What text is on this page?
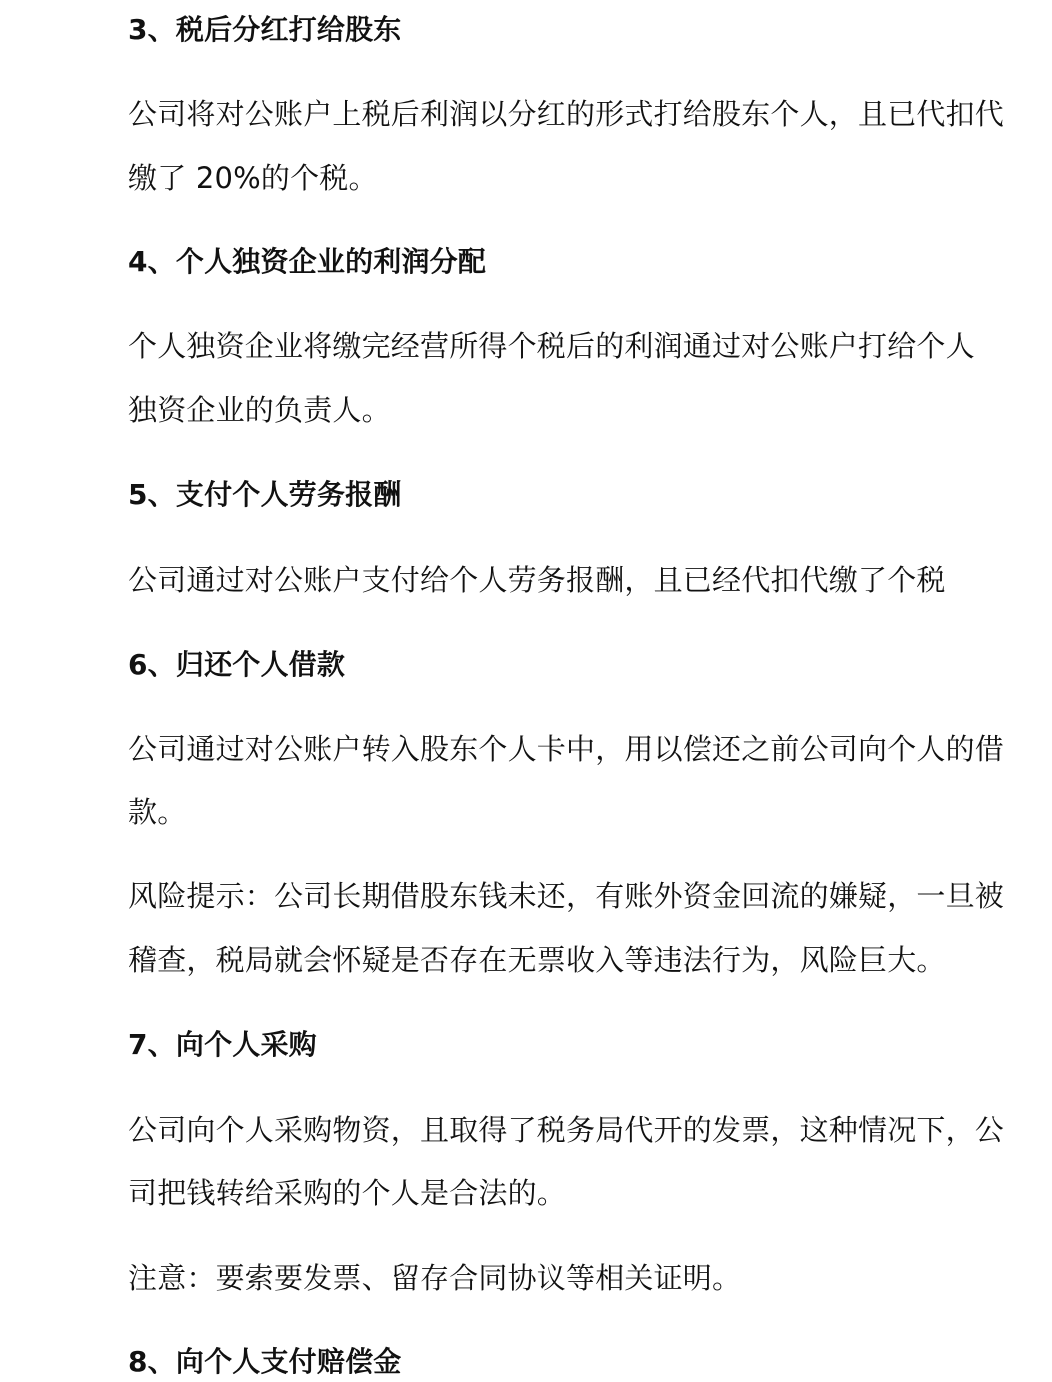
3、税后分红打给股东
公司将对公账户上税后利润以分红的形式打给股东个人，且已代扣代
缴了 20%的个税。
4、个人独资企业的利润分配
个人独资企业将缴完经营所得个税后的利润通过对公账户打给个人
独资企业的负责人。
5、支付个人劳务报酬
公司通过对公账户支付给个人劳务报酬，且已经代扣代缴了个税
6、归还个人借款
公司通过对公账户转入股东个人卡中，用以偿还之前公司向个人的借
款。
风险提示：公司长期借股东钱未还，有账外资金回流的嫌疑，一旦被
稽查，税局就会怀疑是否存在无票收入等违法行为，风险巨大。
7、向个人采购
公司向个人采购物资，且取得了税务局代开的发票，这种情况下，公
司把钱转给采购的个人是合法的。
注意：要索要发票、留存合同协议等相关证明。
8、向个人支付赔偿金
